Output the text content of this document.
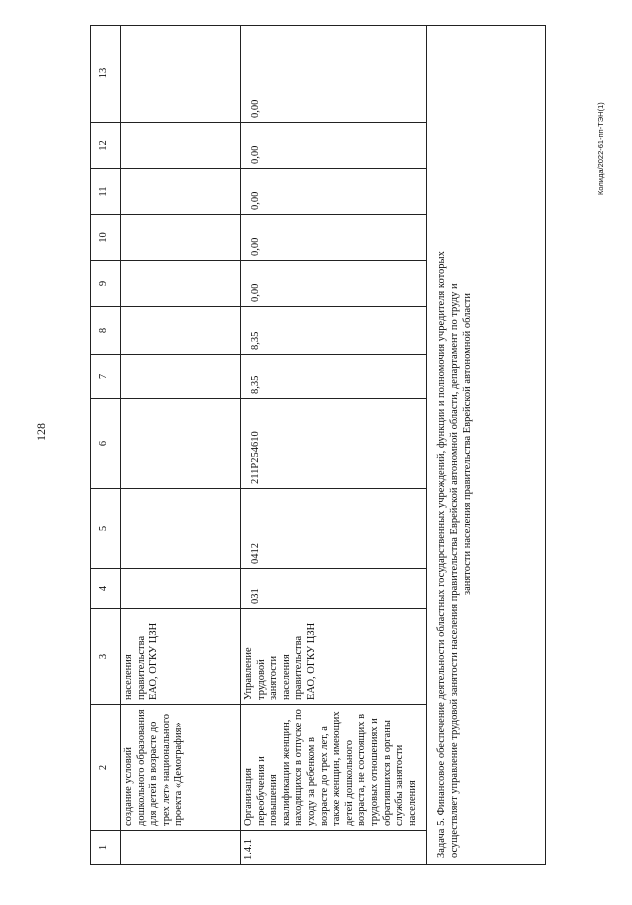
128
Колида/2022-61-пп-ТЭН(1)
1
2
3
4
5
6
7
8
9
10
11
12
13
создание условий дошкольного образования для детей в возрасте до трех лет» национального проекта «Демография»
населения правительства ЕАО, ОГКУ ЦЗН
1.4.1
Организация переобучения и повышения квалификации женщин, находящихся в отпуске по уходу за ребенком в возрасте до трех лет, а также женщин, имеющих детей дошкольного возраста, не состоящих в трудовых отношениях и обратившихся в органы службы занятости населения
Управление трудовой занятости населения правительства ЕАО, ОГКУ ЦЗН
031
0412
211P254610
8,35
8,35
0,00
0,00
0,00
0,00
0,00

Задача 5. Финансовое обеспечение деятельности областных государственных учреждений, функции и полномочия учредителя которых осуществляет управление трудовой занятости населения правительства Еврейской автономной области, департамент по труду и занятости населения правительства Еврейской автономной области
